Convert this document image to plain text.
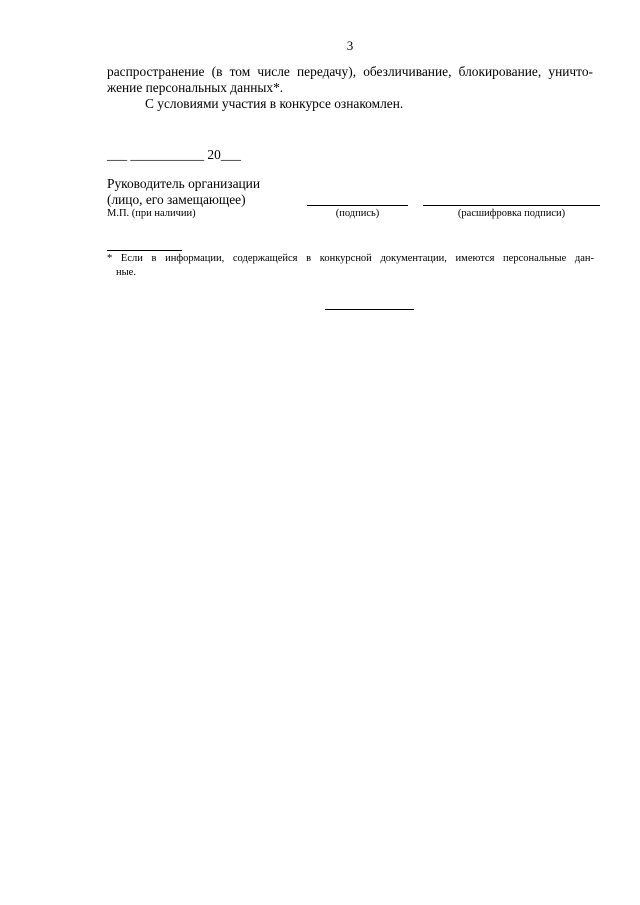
3
распространение (в том числе передачу), обезличивание, блокирование, уничто-
жение персональных данных*.
С условиями участия в конкурсе ознакомлен.
___ ___________ 20___
Руководитель организации
(лицо, его замещающее)
М.П. (при наличии)	(подпись)	(расшифровка подписи)
* Если в информации, содержащейся в конкурсной документации, имеются персональные дан-
ные.
